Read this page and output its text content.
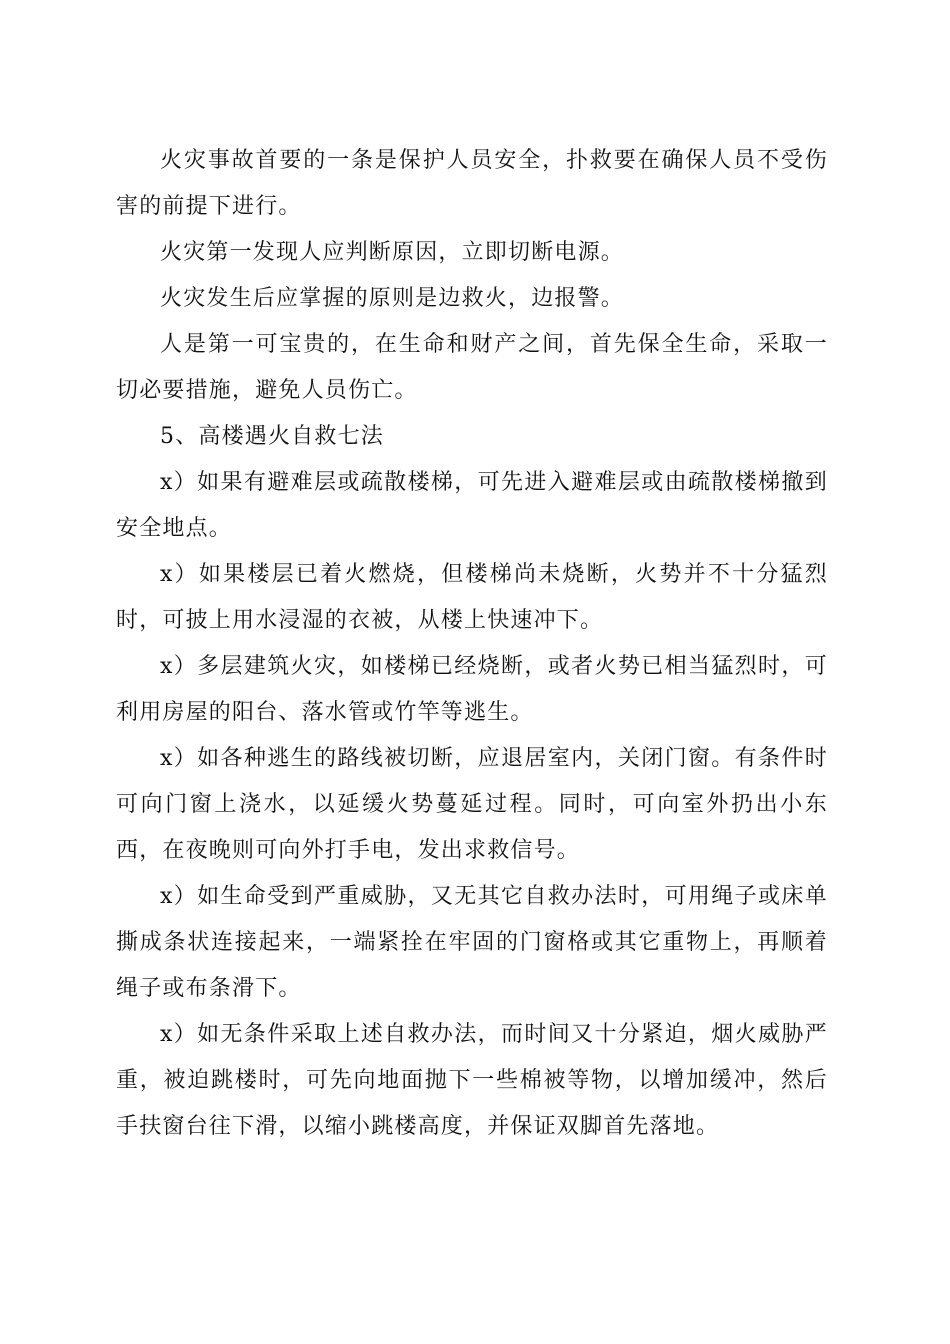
火灾事故首要的一条是保护人员安全，扑救要在确保人员不受伤害的前提下进行。

火灾第一发现人应判断原因，立即切断电源。

火灾发生后应掌握的原则是边救火，边报警。

人是第一可宝贵的，在生命和财产之间，首先保全生命，采取一切必要措施，避免人员伤亡。

5、高楼遇火自救七法

x）如果有避难层或疏散楼梯，可先进入避难层或由疏散楼梯撤到安全地点。

x）如果楼层已着火燃烧，但楼梯尚未烧断，火势并不十分猛烈时，可披上用水浸湿的衣被，从楼上快速冲下。

x）多层建筑火灾，如楼梯已经烧断，或者火势已相当猛烈时，可利用房屋的阳台、落水管或竹竿等逃生。

x）如各种逃生的路线被切断，应退居室内，关闭门窗。有条件时可向门窗上浇水，以延缓火势蔓延过程。同时，可向室外扔出小东西，在夜晚则可向外打手电，发出求救信号。

x）如生命受到严重威胁，又无其它自救办法时，可用绳子或床单撕成条状连接起来，一端紧拴在牢固的门窗格或其它重物上，再顺着绳子或布条滑下。

x）如无条件采取上述自救办法，而时间又十分紧迫，烟火威胁严重，被迫跳楼时，可先向地面抛下一些棉被等物，以增加缓冲，然后手扶窗台往下滑，以缩小跳楼高度，并保证双脚首先落地。
